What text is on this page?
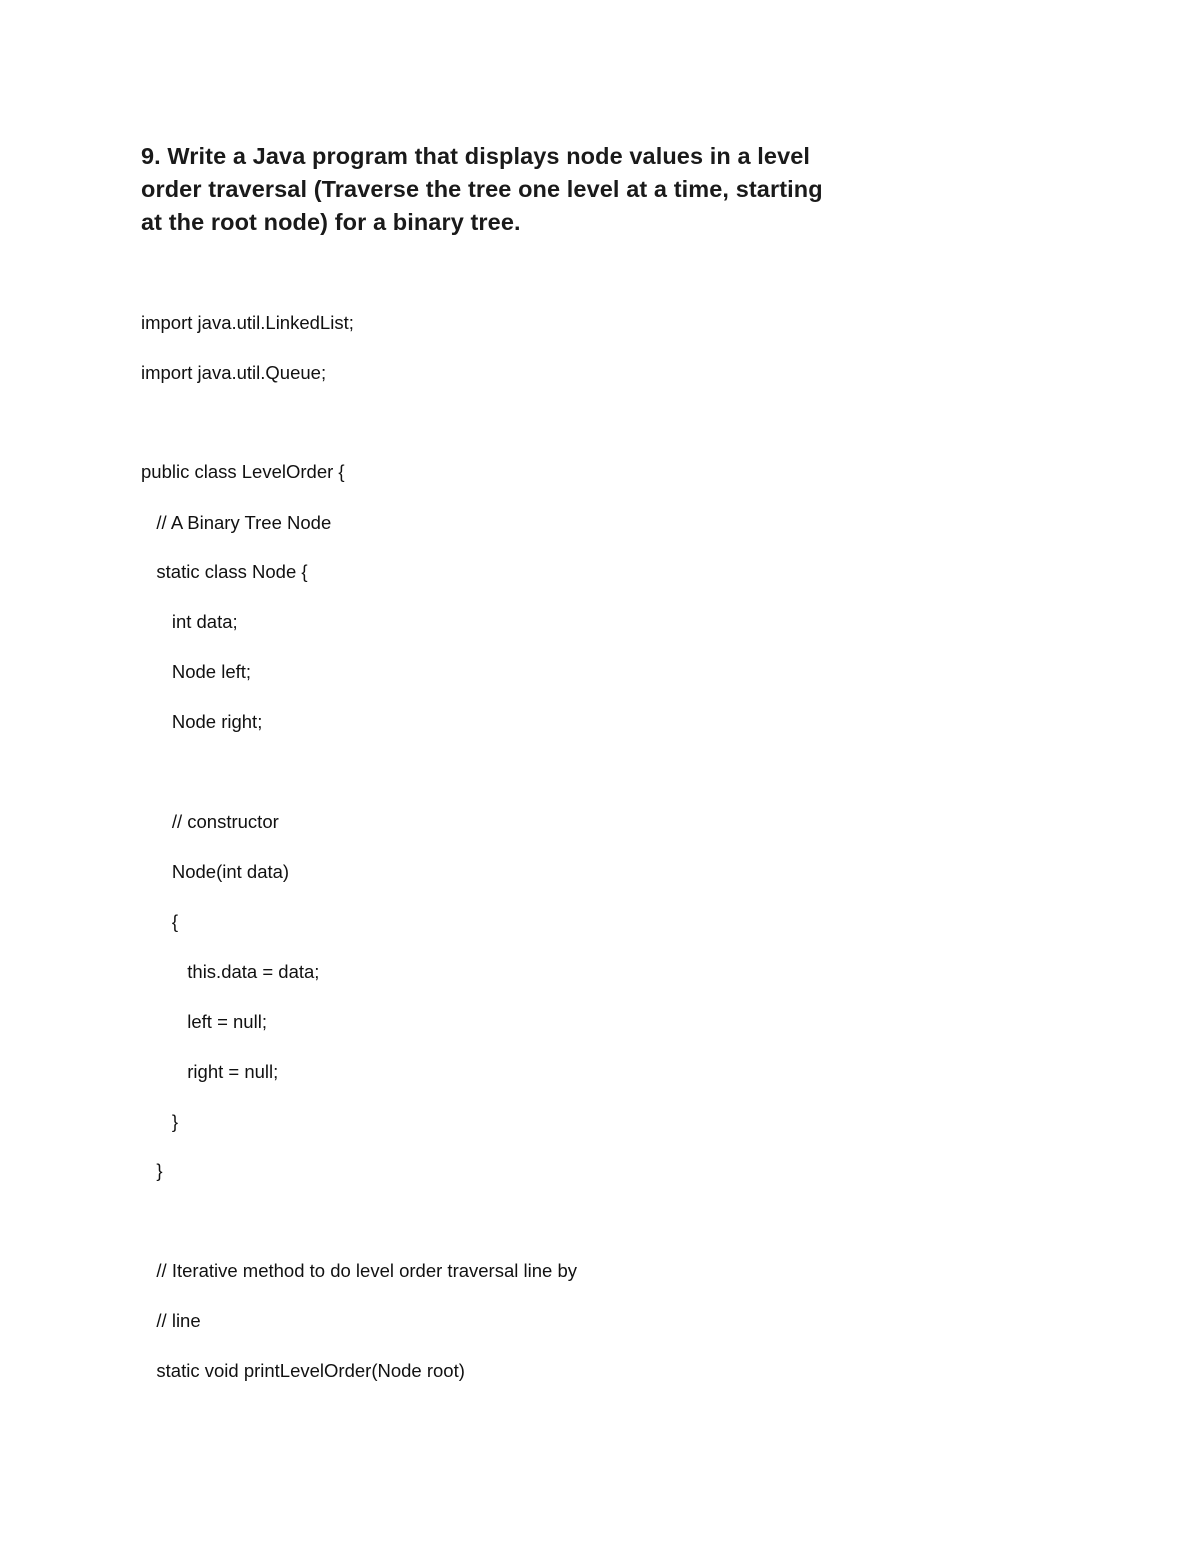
9. Write a Java program that displays node values in a level
order traversal (Traverse the tree one level at a time, starting
at the root node) for a binary tree.

import java.util.LinkedList;
import java.util.Queue;
public class LevelOrder {
// A Binary Tree Node
static class Node {
int data;
Node left;
Node right;
// constructor
Node(int data)
{
this.data = data;
left = null;
right = null;
}
}
// Iterative method to do level order traversal line by
// line
static void printLevelOrder(Node root)
